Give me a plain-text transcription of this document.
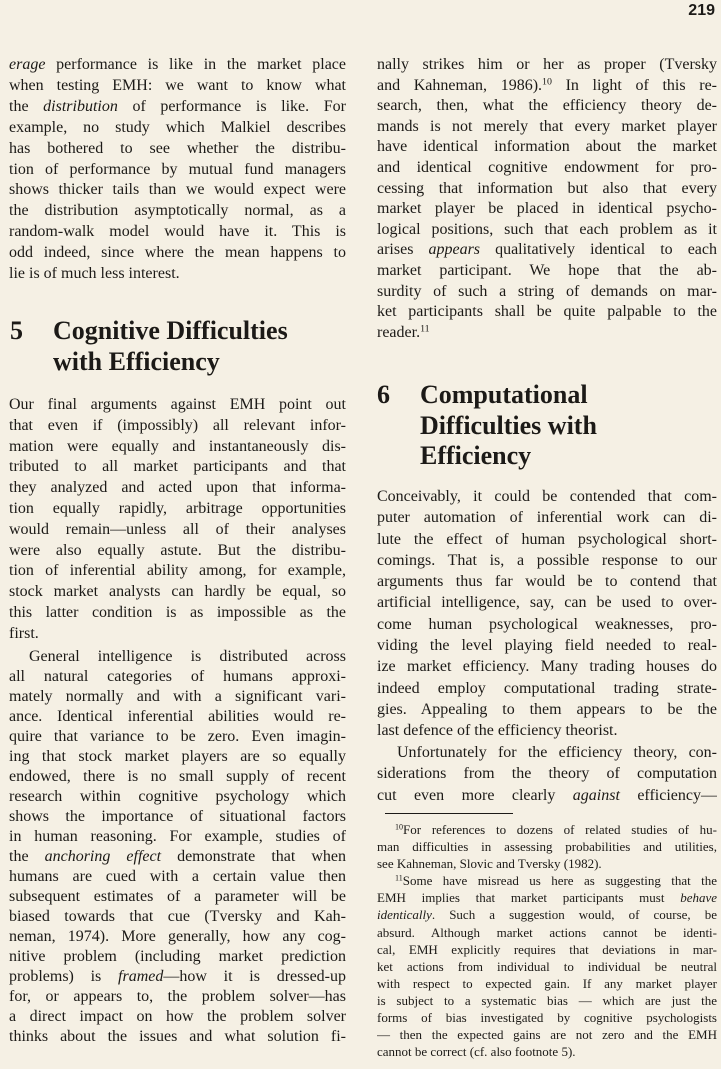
219
erage performance is like in the market place
when testing EMH: we want to know what
the distribution of performance is like. For
example, no study which Malkiel describes
has bothered to see whether the distribu-
tion of performance by mutual fund managers
shows thicker tails than we would expect were
the distribution asymptotically normal, as a
random-walk model would have it. This is
odd indeed, since where the mean happens to
lie is of much less interest.
5 Cognitive Difficulties
with Efficiency
Our final arguments against EMH point out
that even if (impossibly) all relevant infor-
mation were equally and instantaneously dis-
tributed to all market participants and that
they analyzed and acted upon that informa-
tion equally rapidly, arbitrage opportunities
would remain—unless all of their analyses
were also equally astute. But the distribu-
tion of inferential ability among, for example,
stock market analysts can hardly be equal, so
this latter condition is as impossible as the
first.
General intelligence is distributed across
all natural categories of humans approxi-
mately normally and with a significant vari-
ance. Identical inferential abilities would re-
quire that variance to be zero. Even imagin-
ing that stock market players are so equally
endowed, there is no small supply of recent
research within cognitive psychology which
shows the importance of situational factors
in human reasoning. For example, studies of
the anchoring effect demonstrate that when
humans are cued with a certain value then
subsequent estimates of a parameter will be
biased towards that cue (Tversky and Kah-
neman, 1974). More generally, how any cog-
nitive problem (including market prediction
problems) is framed—how it is dressed-up
for, or appears to, the problem solver—has
a direct impact on how the problem solver
thinks about the issues and what solution fi-
nally strikes him or her as proper (Tversky
and Kahneman, 1986).$^{10}$ In light of this re-
search, then, what the efficiency theory de-
mands is not merely that every market player
have identical information about the market
and identical cognitive endowment for pro-
cessing that information but also that every
market player be placed in identical psycho-
logical positions, such that each problem as it
arises appears qualitatively identical to each
market participant. We hope that the ab-
surdity of such a string of demands on mar-
ket participants shall be quite palpable to the
reader.$^{11}$
6 Computational
Difficulties with
Efficiency
Conceivably, it could be contended that com-
puter automation of inferential work can di-
lute the effect of human psychological short-
comings. That is, a possible response to our
arguments thus far would be to contend that
artificial intelligence, say, can be used to over-
come human psychological weaknesses, pro-
viding the level playing field needed to real-
ize market efficiency. Many trading houses do
indeed employ computational trading strate-
gies. Appealing to them appears to be the
last defence of the efficiency theorist.
Unfortunately for the efficiency theory, con-
siderations from the theory of computation
cut even more clearly against efficiency—
$^{10}$For references to dozens of related studies of hu-
man difficulties in assessing probabilities and utilities,
see Kahneman, Slovic and Tversky (1982).
$^{11}$Some have misread us here as suggesting that the
EMH implies that market participants must behave
identically. Such a suggestion would, of course, be
absurd. Although market actions cannot be identi-
cal, EMH explicitly requires that deviations in mar-
ket actions from individual to individual be neutral
with respect to expected gain. If any market player
is subject to a systematic bias — which are just the
forms of bias investigated by cognitive psychologists
— then the expected gains are not zero and the EMH
cannot be correct (cf. also footnote 5).
